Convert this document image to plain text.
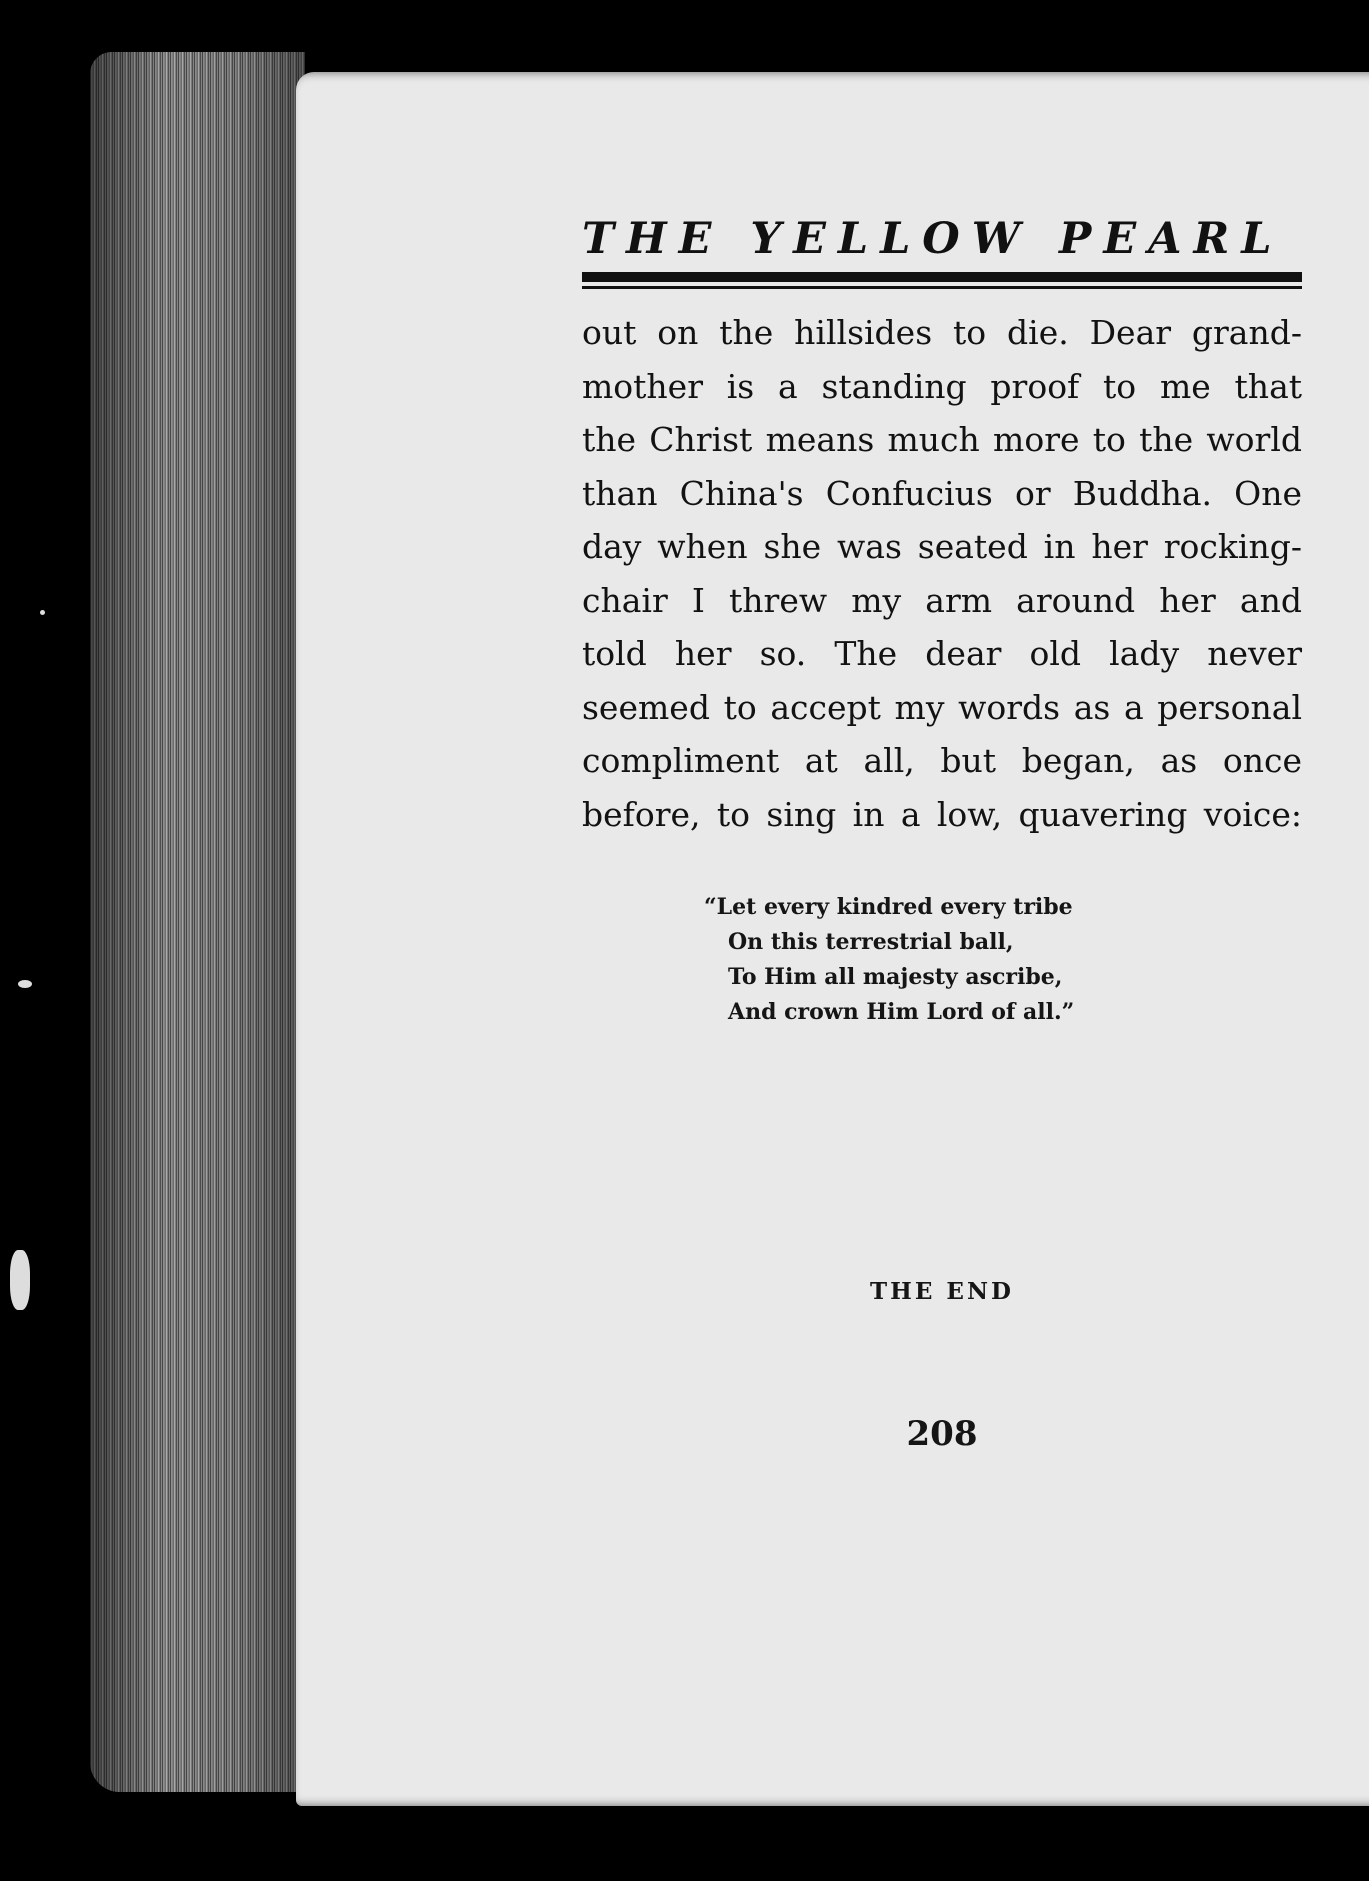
THE YELLOW PEARL

out on the hillsides to die. Dear grand-
mother is a standing proof to me that
the Christ means much more to the world
than China's Confucius or Buddha. One
day when she was seated in her rocking-
chair I threw my arm around her and
told her so. The dear old lady never
seemed to accept my words as a personal
compliment at all, but began, as once
before, to sing in a low, quavering voice:

“Let every kindred every tribe
On this terrestrial ball,
To Him all majesty ascribe,
And crown Him Lord of all.”

THE END

208
